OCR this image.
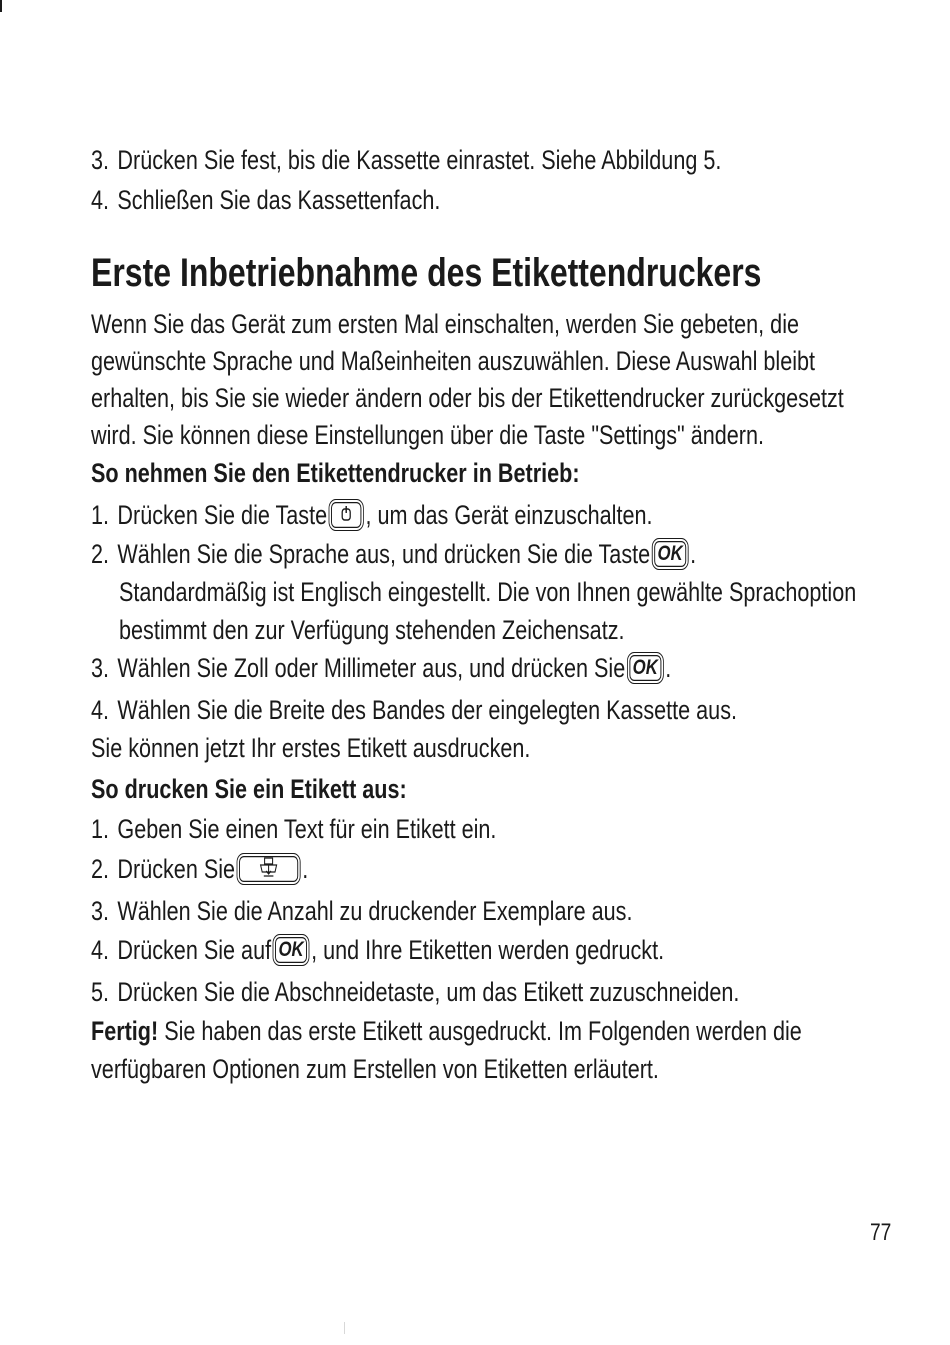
3. Drücken Sie fest, bis die Kassette einrastet. Siehe Abbildung 5.
4. Schließen Sie das Kassettenfach.
Erste Inbetriebnahme des Etikettendruckers
Wenn Sie das Gerät zum ersten Mal einschalten, werden Sie gebeten, die
gewünschte Sprache und Maßeinheiten auszuwählen. Diese Auswahl bleibt
erhalten, bis Sie sie wieder ändern oder bis der Etikettendrucker zurückgesetzt
wird. Sie können diese Einstellungen über die Taste "Settings" ändern.
So nehmen Sie den Etikettendrucker in Betrieb:
1. Drücken Sie die Taste , um das Gerät einzuschalten.
2. Wählen Sie die Sprache aus, und drücken Sie die Taste OK .
Standardmäßig ist Englisch eingestellt. Die von Ihnen gewählte Sprachoption
bestimmt den zur Verfügung stehenden Zeichensatz.
3. Wählen Sie Zoll oder Millimeter aus, und drücken Sie OK .
4. Wählen Sie die Breite des Bandes der eingelegten Kassette aus.
Sie können jetzt Ihr erstes Etikett ausdrucken.
So drucken Sie ein Etikett aus:
1. Geben Sie einen Text für ein Etikett ein.
2. Drücken Sie .
3. Wählen Sie die Anzahl zu druckender Exemplare aus.
4. Drücken Sie auf OK , und Ihre Etiketten werden gedruckt.
5. Drücken Sie die Abschneidetaste, um das Etikett zuzuschneiden.
Fertig! Sie haben das erste Etikett ausgedruckt. Im Folgenden werden die
verfügbaren Optionen zum Erstellen von Etiketten erläutert.
77
